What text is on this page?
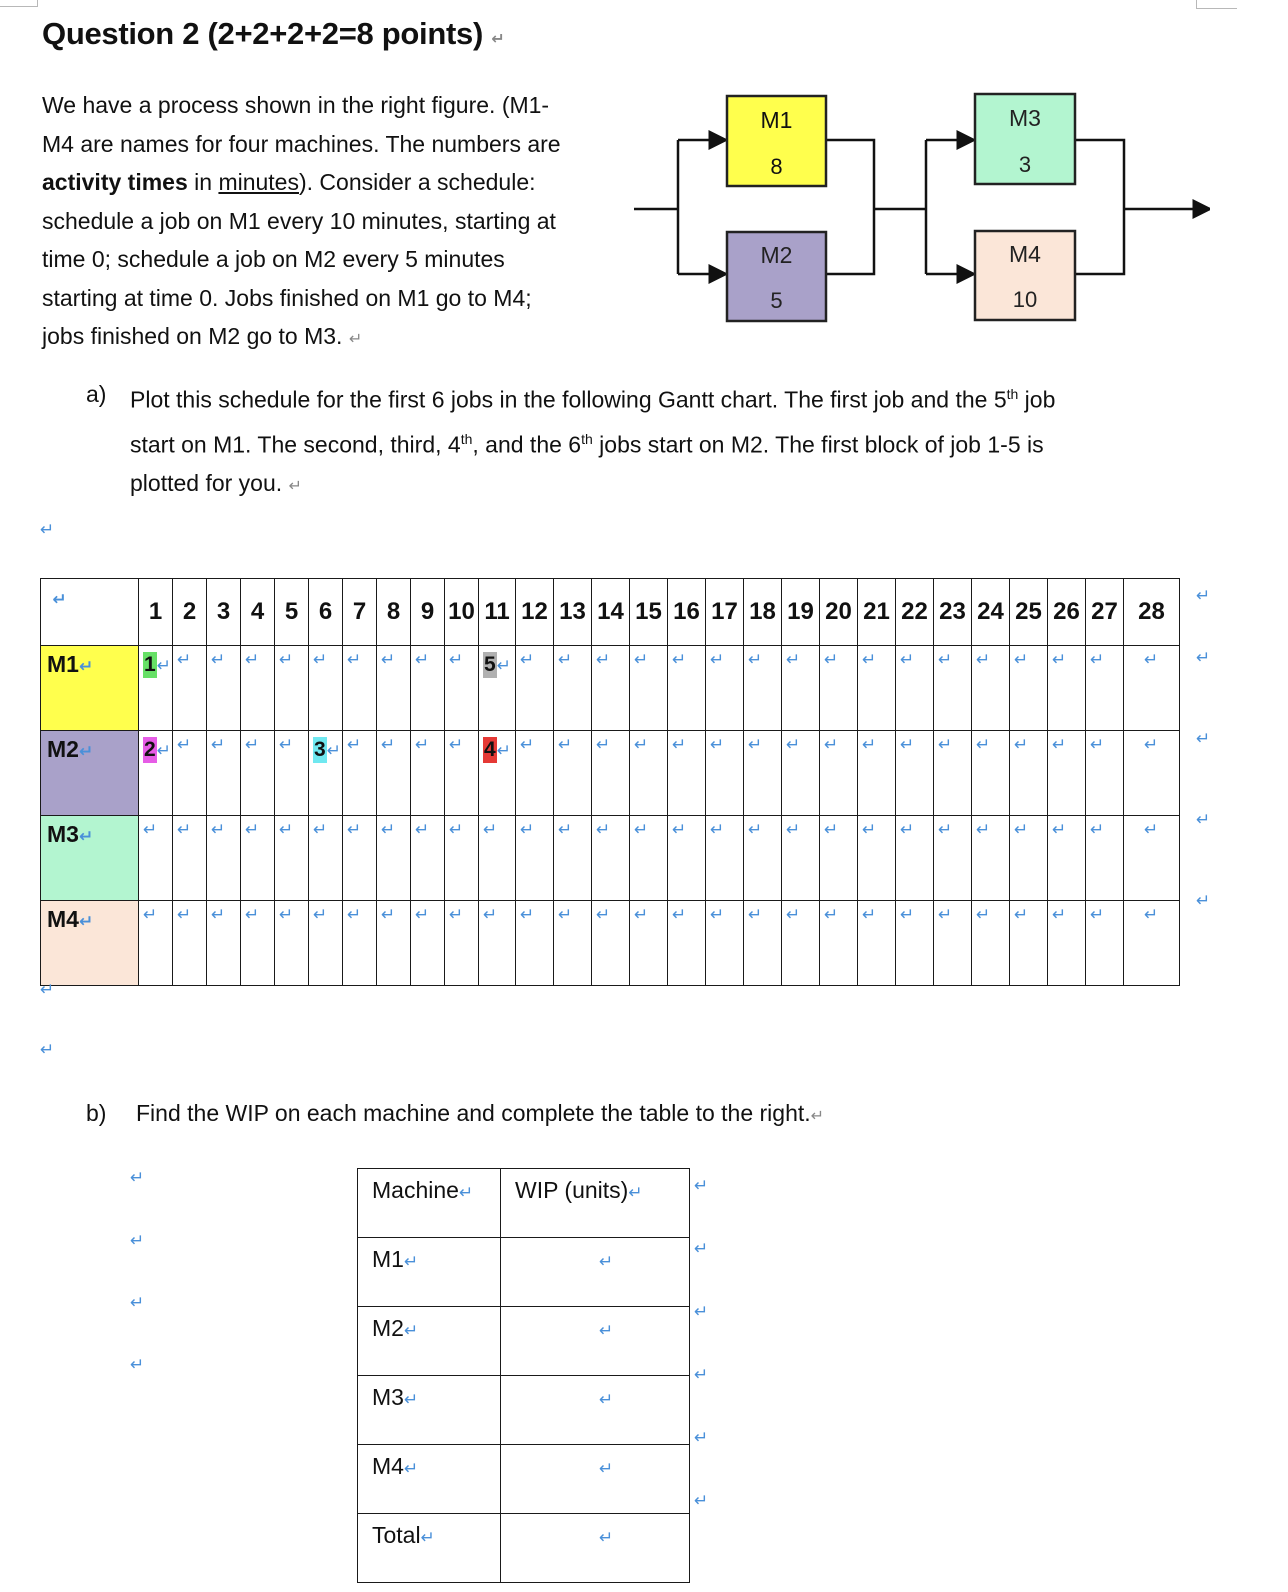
Question 2 (2+2+2+2=8 points) ↵
We have a process shown in the right figure. (M1-
M4 are names for four machines. The numbers are
activity times in minutes). Consider a schedule:
schedule a job on M1 every 10 minutes, starting at
time 0; schedule a job on M2 every 5 minutes
starting at time 0. Jobs finished on M1 go to M4;
jobs finished on M2 go to M3. ↵
M1
8
M2
5
M3
3
M4
10
a) Plot this schedule for the first 6 jobs in the following Gantt chart. The first job and the 5th job
start on M1. The second, third, 4th, and the 6th jobs start on M2. The first block of job 1-5 is
plotted for you. ↵
↵
↵	1	2	3	4	5	6	7	8	9	10	11	12	13	14	15	16	17	18	19	20	21	22	23	24	25	26	27	28
M1↵	1↵	↵	↵	↵	↵	↵	↵	↵	↵	↵	5↵	↵	↵	↵	↵	↵	↵	↵	↵	↵	↵	↵	↵	↵	↵	↵	↵	↵

M2↵	2↵	↵	↵	↵	↵	3↵	↵	↵	↵	↵	4↵	↵	↵	↵	↵	↵	↵	↵	↵	↵	↵	↵	↵	↵	↵	↵	↵	↵

M3↵	↵	↵	↵	↵	↵	↵	↵	↵	↵	↵	↵	↵	↵	↵	↵	↵	↵	↵	↵	↵	↵	↵	↵	↵	↵	↵	↵	↵

M4↵	↵	↵	↵	↵	↵	↵	↵	↵	↵	↵	↵	↵	↵	↵	↵	↵	↵	↵	↵	↵	↵	↵	↵	↵	↵	↵	↵	↵
↵
↵
↵
b) Find the WIP on each machine and complete the table to the right.↵
↵
↵
↵
↵
Machine↵	WIP (units)↵
M1↵	↵
M2↵	↵
M3↵	↵
M4↵	↵
Total↵	↵
↵
↵
↵
↵
↵
↵
↵
↵
↵
↵
